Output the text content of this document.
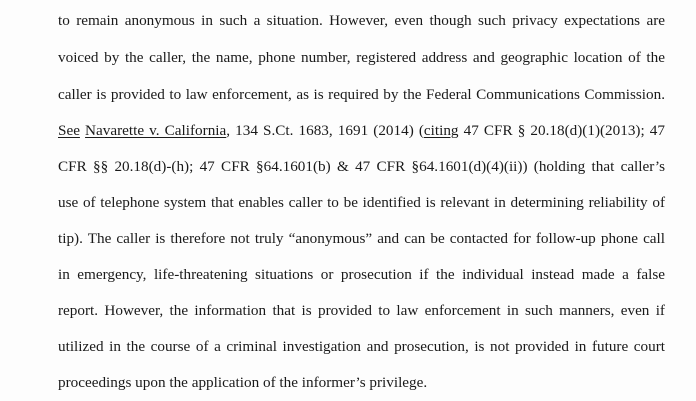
to remain anonymous in such a situation. However, even though such privacy expectations are
voiced by the caller, the name, phone number, registered address and geographic location of the
caller is provided to law enforcement, as is required by the Federal Communications Commission.
See Navarette v. California, 134 S.Ct. 1683, 1691 (2014) (citing 47 CFR § 20.18(d)(1)(2013); 47
CFR §§ 20.18(d)-(h); 47 CFR §64.1601(b) & 47 CFR §64.1601(d)(4)(ii)) (holding that caller’s
use of telephone system that enables caller to be identified is relevant in determining reliability of
tip). The caller is therefore not truly “anonymous” and can be contacted for follow-up phone call
in emergency, life-threatening situations or prosecution if the individual instead made a false
report. However, the information that is provided to law enforcement in such manners, even if
utilized in the course of a criminal investigation and prosecution, is not provided in future court
proceedings upon the application of the informer’s privilege.
